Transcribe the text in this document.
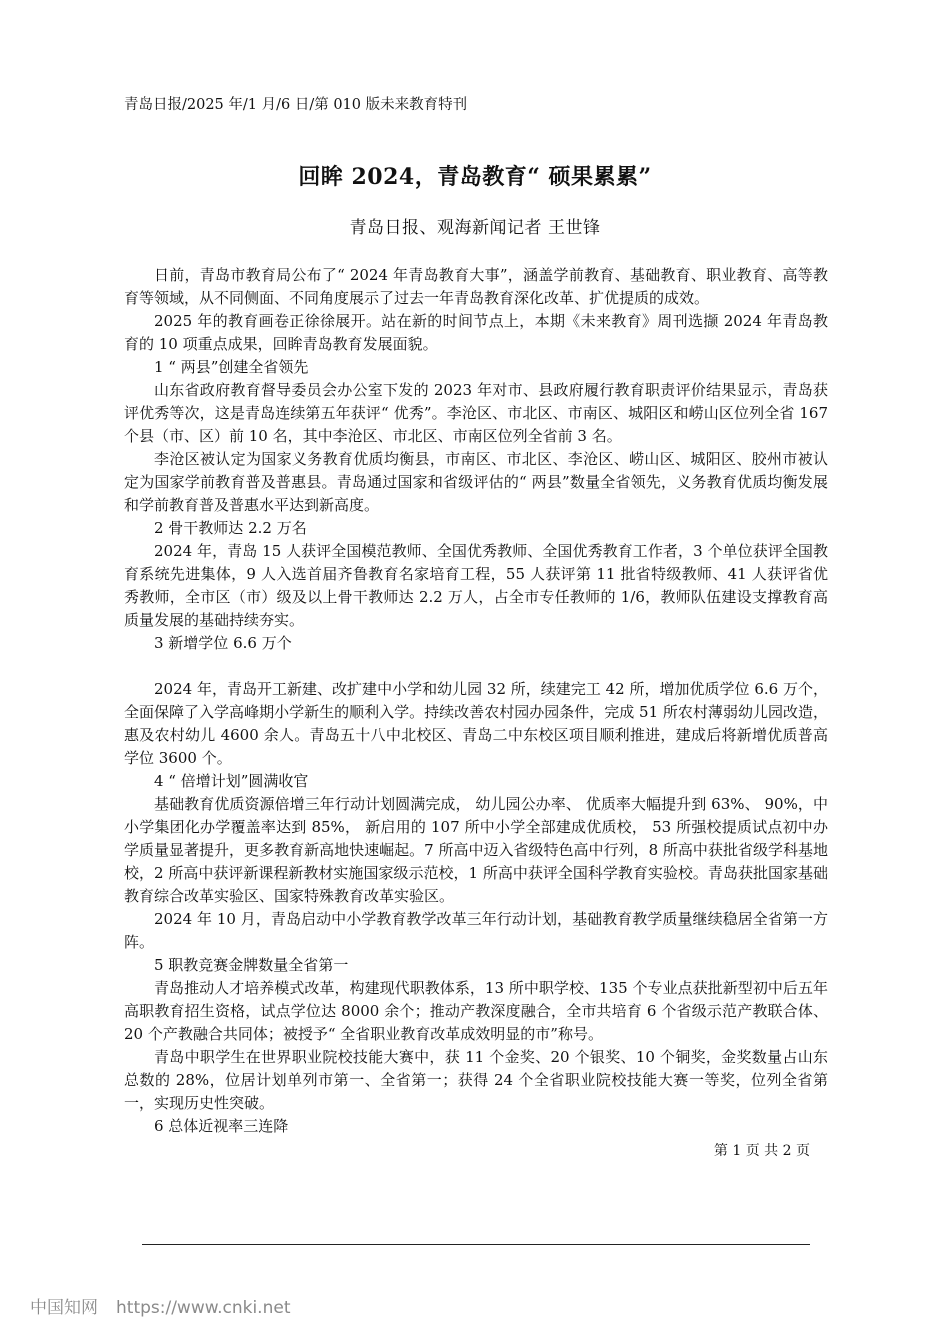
青岛日报/2025 年/1 月/6 日/第 010 版未来教育特刊
回眸 2024，青岛教育“ 硕果累累”
青岛日报、观海新闻记者 王世锋

日前，青岛市教育局公布了“ 2024 年青岛教育大事”，涵盖学前教育、基础教育、职业教育、高等教育等领域，从不同侧面、不同角度展示了过去一年青岛教育深化改革、扩优提质的成效。

2025 年的教育画卷正徐徐展开。站在新的时间节点上，本期《未来教育》周刊选撷 2024 年青岛教育的 10 项重点成果，回眸青岛教育发展面貌。

1 “ 两县”创建全省领先

山东省政府教育督导委员会办公室下发的 2023 年对市、县政府履行教育职责评价结果显示，青岛获评优秀等次，这是青岛连续第五年获评“ 优秀”。李沧区、市北区、市南区、城阳区和崂山区位列全省 167 个县（市、区）前 10 名，其中李沧区、市北区、市南区位列全省前 3 名。

李沧区被认定为国家义务教育优质均衡县，市南区、市北区、李沧区、崂山区、城阳区、胶州市被认定为国家学前教育普及普惠县。青岛通过国家和省级评估的“ 两县”数量全省领先，义务教育优质均衡发展和学前教育普及普惠水平达到新高度。

2 骨干教师达 2.2 万名

2024 年，青岛 15 人获评全国模范教师、全国优秀教师、全国优秀教育工作者，3 个单位获评全国教育系统先进集体，9 人入选首届齐鲁教育名家培育工程，55 人获评第 11 批省特级教师、41 人获评省优秀教师，全市区（市）级及以上骨干教师达 2.2 万人，占全市专任教师的 1/6，教师队伍建设支撑教育高质量发展的基础持续夯实。

3 新增学位 6.6 万个

2024 年，青岛开工新建、改扩建中小学和幼儿园 32 所，续建完工 42 所，增加优质学位 6.6 万个，全面保障了入学高峰期小学新生的顺利入学。持续改善农村园办园条件，完成 51 所农村薄弱幼儿园改造，惠及农村幼儿 4600 余人。青岛五十八中北校区、青岛二中东校区项目顺利推进，建成后将新增优质普高学位 3600 个。

4 “ 倍增计划”圆满收官

基础教育优质资源倍增三年行动计划圆满完成， 幼儿园公办率、 优质率大幅提升到 63%、 90%，中小学集团化办学覆盖率达到 85%， 新启用的 107 所中小学全部建成优质校， 53 所强校提质试点初中办学质量显著提升，更多教育新高地快速崛起。7 所高中迈入省级特色高中行列，8 所高中获批省级学科基地校，2 所高中获评新课程新教材实施国家级示范校，1 所高中获评全国科学教育实验校。青岛获批国家基础教育综合改革实验区、国家特殊教育改革实验区。

2024 年 10 月，青岛启动中小学教育教学改革三年行动计划，基础教育教学质量继续稳居全省第一方阵。

5 职教竞赛金牌数量全省第一

青岛推动人才培养模式改革，构建现代职教体系，13 所中职学校、135 个专业点获批新型初中后五年高职教育招生资格，试点学位达 8000 余个；推动产教深度融合，全市共培育 6 个省级示范产教联合体、20 个产教融合共同体；被授予“ 全省职业教育改革成效明显的市”称号。

青岛中职学生在世界职业院校技能大赛中，获 11 个金奖、20 个银奖、10 个铜奖，金奖数量占山东总数的 28%，位居计划单列市第一、全省第一；获得 24 个全省职业院校技能大赛一等奖，位列全省第一，实现历史性突破。

6 总体近视率三连降

第 1 页 共 2 页
中国知网 https://www.cnki.net
